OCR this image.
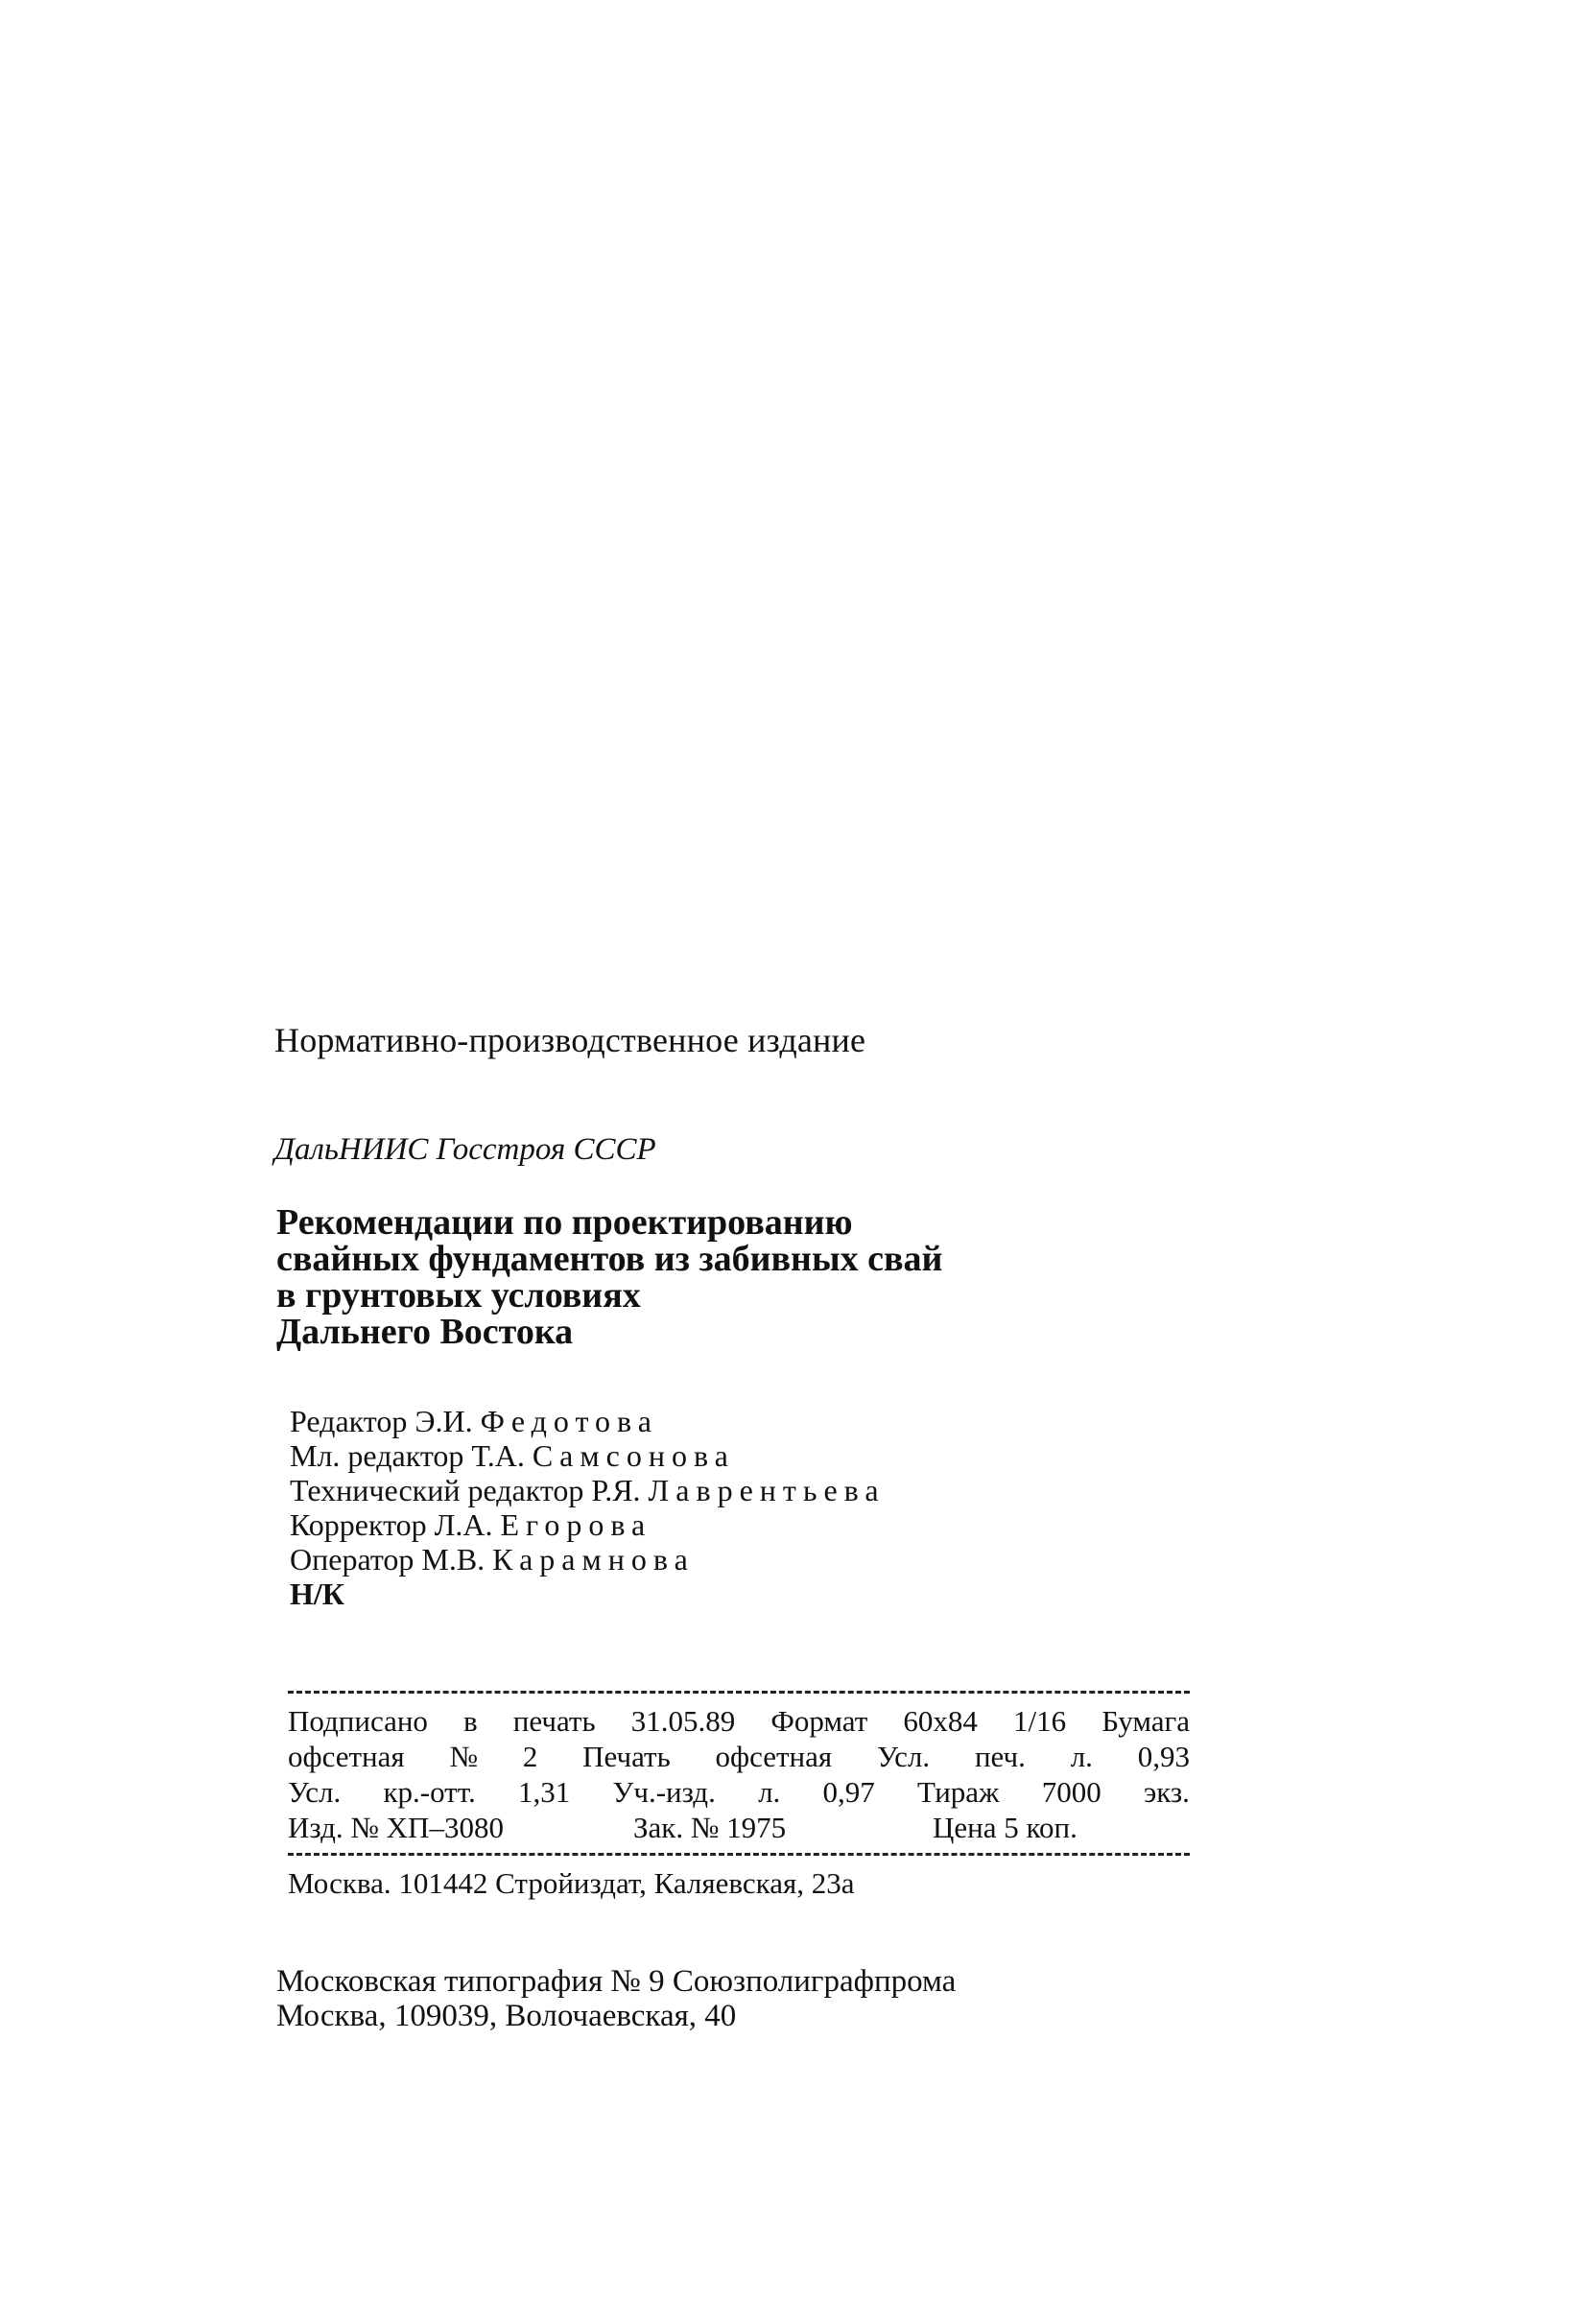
Нормативно-производственное издание
ДальНИИС Госстроя СССР
Рекомендации по проектированию
свайных фундаментов из забивных свай
в грунтовых условиях
Дальнего Востока
Редактор Э.И. Федотова
Мл. редактор Т.А. Самсонова
Технический редактор Р.Я. Лаврентьева
Корректор Л.А. Егорова
Оператор М.В. Карамнова
Н/К
Подписано в печать 31.05.89 Формат 60х84 1/16 Бумага
офсетная № 2 Печать офсетная Усл. печ. л. 0,93
Усл. кр.-отт. 1,31 Уч.-изд. л. 0,97 Тираж 7000 экз.
Изд. № ХП–3080	Зак. № 1975	Цена 5 коп.
Москва. 101442 Стройиздат, Каляевская, 23а
Московская типография № 9 Союзполиграфпрома
Москва, 109039, Волочаевская, 40
